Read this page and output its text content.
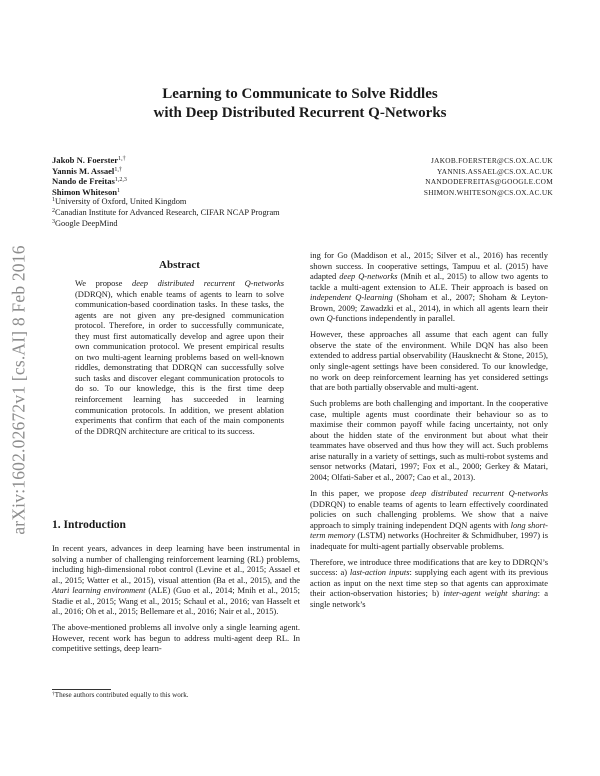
arXiv:1602.02672v1 [cs.AI] 8 Feb 2016
Learning to Communicate to Solve Riddles
with Deep Distributed Recurrent Q-Networks
Jakob N. Foerster$^{1,\dagger}$
Yannis M. Assael$^{1,\dagger}$
Nando de Freitas$^{1,2,3}$
Shimon Whiteson$^1$
$^1$University of Oxford, United Kingdom
$^2$Canadian Institute for Advanced Research, CIFAR NCAP Program
$^3$Google DeepMind
JAKOB.FOERSTER@CS.OX.AC.UK
YANNIS.ASSAEL@CS.OX.AC.UK
NANDODEFREITAS@GOOGLE.COM
SHIMON.WHITESON@CS.OX.AC.UK
Abstract
We propose deep distributed recurrent Q-networks (DDRQN), which enable teams of agents to learn to solve communication-based coordination tasks. In these tasks, the agents are not given any pre-designed communication protocol. Therefore, in order to successfully communicate, they must first automatically develop and agree upon their own communication protocol. We present empirical results on two multi-agent learning problems based on well-known riddles, demonstrating that DDRQN can successfully solve such tasks and discover elegant communication protocols to do so. To our knowledge, this is the first time deep reinforcement learning has succeeded in learning communication protocols. In addition, we present ablation experiments that confirm that each of the main components of the DDRQN architecture are critical to its success.
1. Introduction

In recent years, advances in deep learning have been instrumental in solving a number of challenging reinforcement learning (RL) problems, including high-dimensional robot control (Levine et al., 2015; Assael et al., 2015; Watter et al., 2015), visual attention (Ba et al., 2015), and the Atari learning environment (ALE) (Guo et al., 2014; Mnih et al., 2015; Stadie et al., 2015; Wang et al., 2015; Schaul et al., 2016; van Hasselt et al., 2016; Oh et al., 2015; Bellemare et al., 2016; Nair et al., 2015).

The above-mentioned problems all involve only a single learning agent. However, recent work has begun to address multi-agent deep RL. In competitive settings, deep learn-

†These authors contributed equally to this work.

ing for Go (Maddison et al., 2015; Silver et al., 2016) has recently shown success. In cooperative settings, Tampuu et al. (2015) have adapted deep Q-networks (Mnih et al., 2015) to allow two agents to tackle a multi-agent extension to ALE. Their approach is based on independent Q-learning (Shoham et al., 2007; Shoham & Leyton-Brown, 2009; Zawadzki et al., 2014), in which all agents learn their own Q-functions independently in parallel.

However, these approaches all assume that each agent can fully observe the state of the environment. While DQN has also been extended to address partial observability (Hausknecht & Stone, 2015), only single-agent settings have been considered. To our knowledge, no work on deep reinforcement learning has yet considered settings that are both partially observable and multi-agent.

Such problems are both challenging and important. In the cooperative case, multiple agents must coordinate their behaviour so as to maximise their common payoff while facing uncertainty, not only about the hidden state of the environment but about what their teammates have observed and thus how they will act. Such problems arise naturally in a variety of settings, such as multi-robot systems and sensor networks (Matari, 1997; Fox et al., 2000; Gerkey & Matari, 2004; Olfati-Saber et al., 2007; Cao et al., 2013).

In this paper, we propose deep distributed recurrent Q-networks (DDRQN) to enable teams of agents to learn effectively coordinated policies on such challenging problems. We show that a naive approach to simply training independent DQN agents with long short-term memory (LSTM) networks (Hochreiter & Schmidhuber, 1997) is inadequate for multi-agent partially observable problems.

Therefore, we introduce three modifications that are key to DDRQN’s success: a) last-action inputs: supplying each agent with its previous action as input on the next time step so that agents can approximate their action-observation histories; b) inter-agent weight sharing: a single network’s
